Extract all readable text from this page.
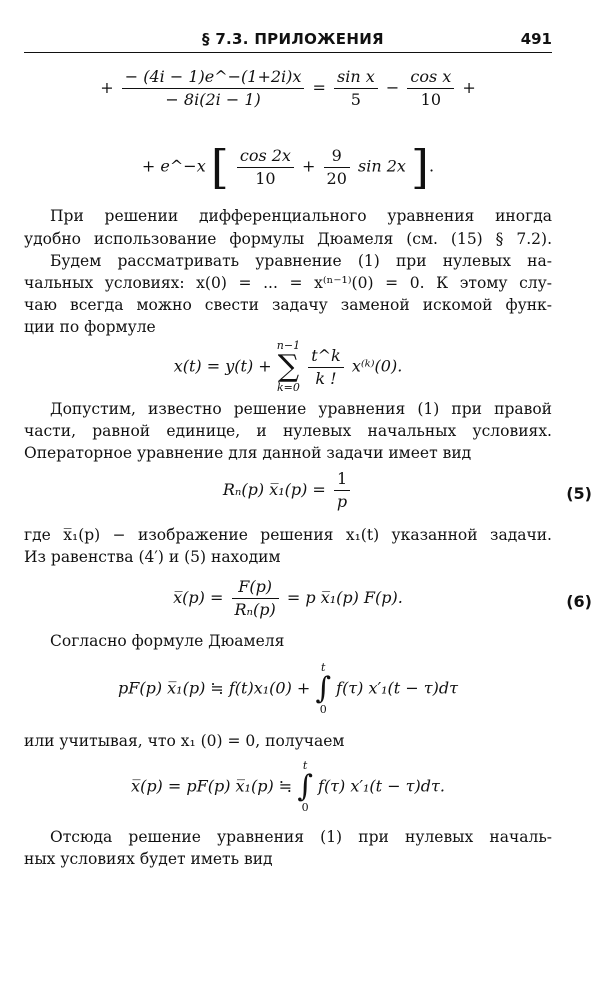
§ 7.3. ПРИЛОЖЕНИЯ	491
+ $\frac{- (4i - 1)e\^{}-(1+2i)x}{- 8i(2i - 1)} = \frac{\text{sin x}}{5} - \frac{\text{cos x}}{10}$ +
+ e^−x [ $\frac{\cos 2x}{10} + \frac{9}{20}$ sin 2x ].
При решении дифференциального уравнения иногда
удобно использование формулы Дюамеля (см. (15) § 7.2).
Будем рассматривать уравнение (1) при нулевых на-
чальных условиях: x(0) = ... = x⁽ⁿ⁻¹⁾(0) = 0. К этому слу-
чаю всегда можно свести задачу заменой искомой функ-
ции по формуле
x(t) = y(t) + n−1
∑
$k=0 \frac{t\^{}k}{k !}$ x⁽ᵏ⁾(0).
Допустим, известно решение уравнения (1) при правой
части, равной единице, и нулевых начальных условиях.
Операторное уравнение для данной задачи имеет вид
Rₙ(p) x̅₁(p) = $\frac{1}{p}$	(5)
где x̅₁(p) − изображение решения x₁(t) указанной задачи.
Из равенства (4′) и (5) находим
x̅(p) = $\frac{F(p)}{\text{Rₙ(p)}} = p$ x̅₁(p) F(p).	(6)
Согласно формуле Дюамеля
pF(p) x̅₁(p) ≒ f(t)x₁(0) + t
∫
0 f(τ) x′₁(t − τ)dτ
или учитывая, что x₁ (0) = 0, получаем
x̅(p) = pF(p) x̅₁(p) ≒ t
∫
0 f(τ) x′₁(t − τ)dτ.
Отсюда решение уравнения (1) при нулевых началь-
ных условиях будет иметь вид
